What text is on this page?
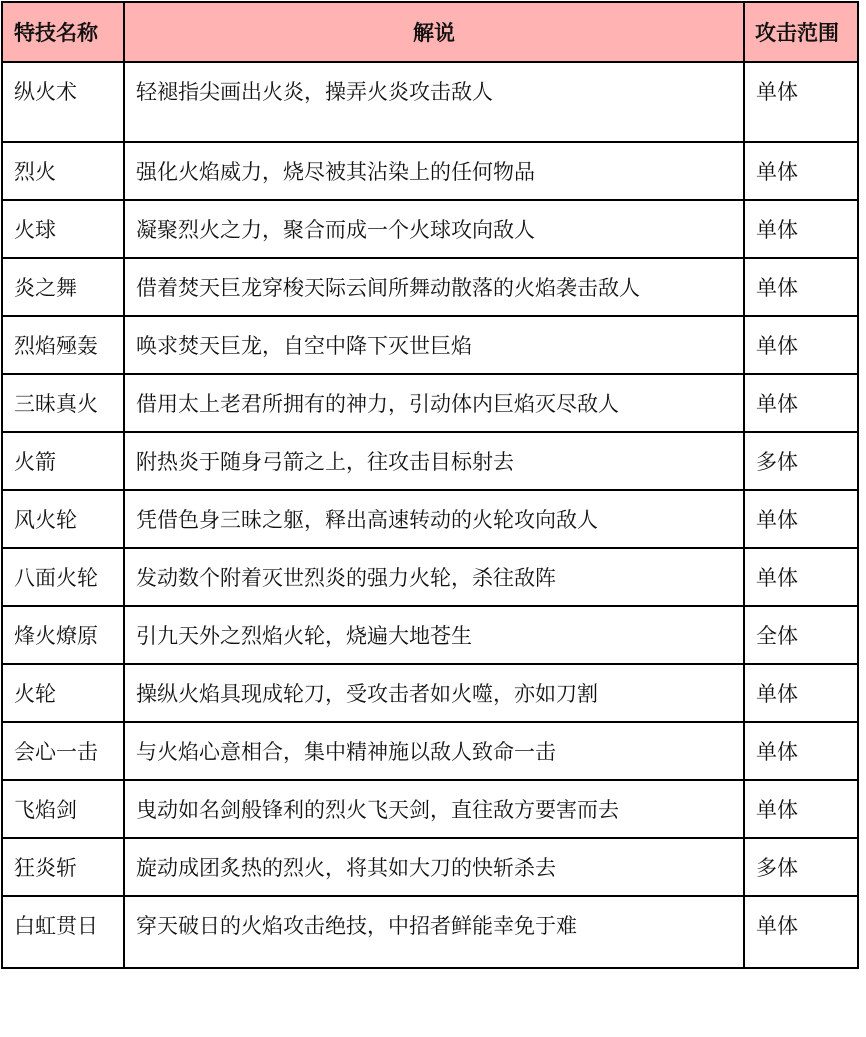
特技名称	解说	攻击范围
纵火术	轻褪指尖画出火炎，操弄火炎攻击敌人	单体
烈火	强化火焰威力，烧尽被其沾染上的任何物品	单体
火球	凝聚烈火之力，聚合而成一个火球攻向敌人	单体
炎之舞	借着焚天巨龙穿梭天际云间所舞动散落的火焰袭击敌人	单体
烈焰殛轰	唤求焚天巨龙，自空中降下灭世巨焰	单体
三昧真火	借用太上老君所拥有的神力，引动体内巨焰灭尽敌人	单体
火箭	附热炎于随身弓箭之上，往攻击目标射去	多体
风火轮	凭借色身三昧之躯，释出高速转动的火轮攻向敌人	单体
八面火轮	发动数个附着灭世烈炎的强力火轮，杀往敌阵	单体
烽火燎原	引九天外之烈焰火轮，烧遍大地苍生	全体
火轮	操纵火焰具现成轮刀，受攻击者如火噬，亦如刀割	单体
会心一击	与火焰心意相合，集中精神施以敌人致命一击	单体
飞焰剑	曳动如名剑般锋利的烈火飞天剑，直往敌方要害而去	单体
狂炎斩	旋动成团炙热的烈火，将其如大刀的快斩杀去	多体
白虹贯日	穿天破日的火焰攻击绝技，中招者鲜能幸免于难	单体
